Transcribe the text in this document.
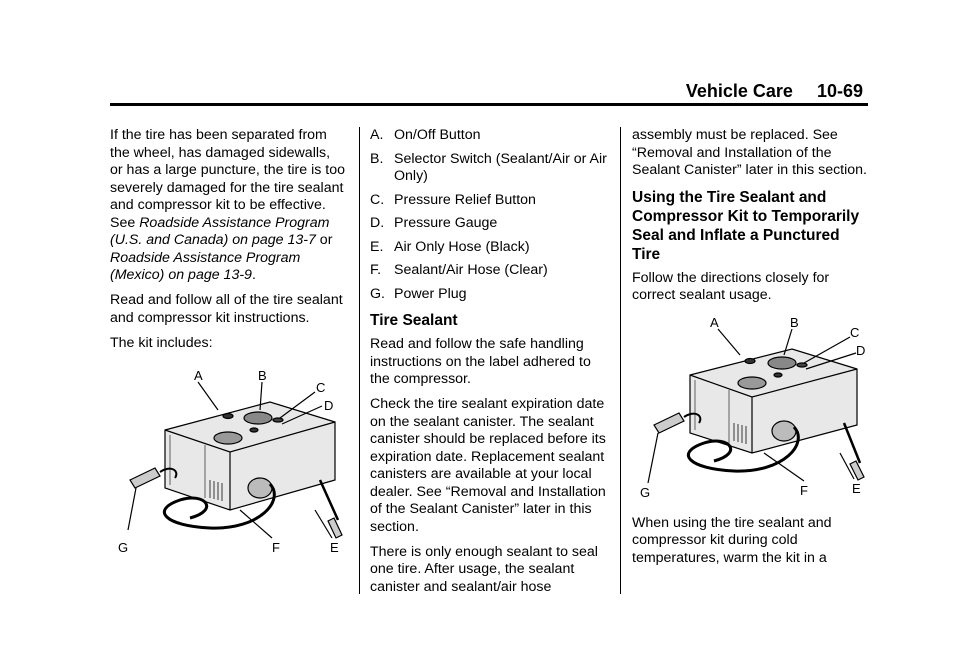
Vehicle Care 10-69

If the tire has been separated from the wheel, has damaged sidewalls, or has a large puncture, the tire is too severely damaged for the tire sealant and compressor kit to be effective. See Roadside Assistance Program (U.S. and Canada) on page 13-7 or Roadside Assistance Program (Mexico) on page 13-9.

Read and follow all of the tire sealant and compressor kit instructions.

The kit includes:

A	B
C
D
E
F
G
A. On/Off Button
B. Selector Switch (Sealant/Air or Air Only)
C. Pressure Relief Button
D. Pressure Gauge
E. Air Only Hose (Black)
F. Sealant/Air Hose (Clear)
G. Power Plug
Tire Sealant

Read and follow the safe handling instructions on the label adhered to the compressor.

Check the tire sealant expiration date on the sealant canister. The sealant canister should be replaced before its expiration date. Replacement sealant canisters are available at your local dealer. See “Removal and Installation of the Sealant Canister” later in this section.

There is only enough sealant to seal one tire. After usage, the sealant canister and sealant/air hose

assembly must be replaced. See “Removal and Installation of the Sealant Canister” later in this section.

Using the Tire Sealant and Compressor Kit to Temporarily Seal and Inflate a Punctured Tire

Follow the directions closely for correct sealant usage.

A	B
C
D
E
F
G

When using the tire sealant and compressor kit during cold temperatures, warm the kit in a
